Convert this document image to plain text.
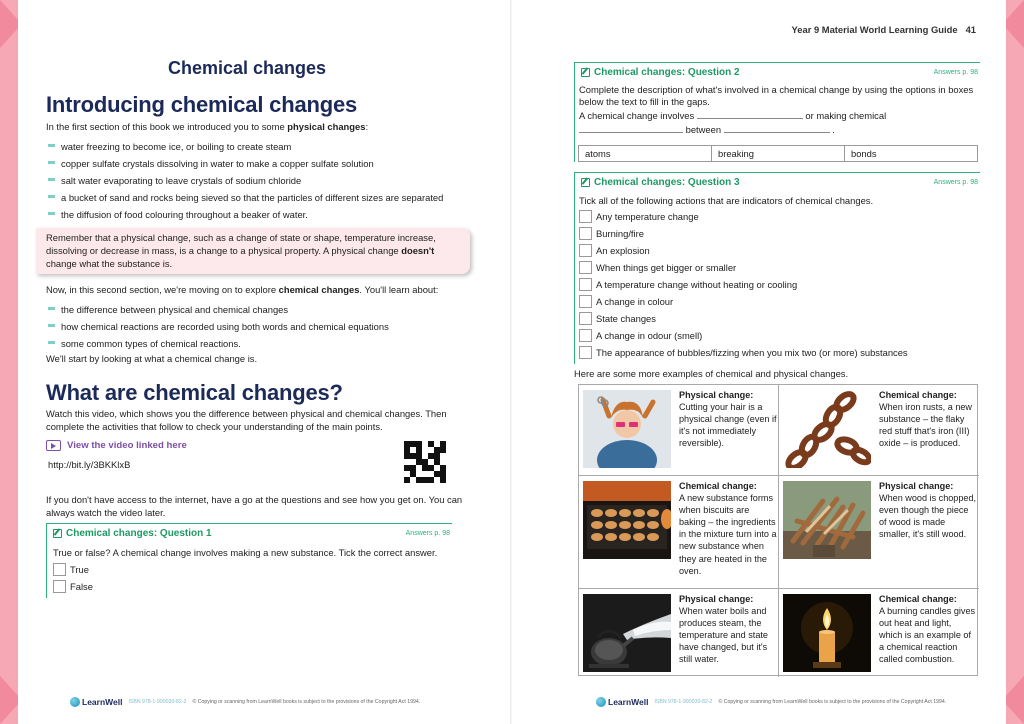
Chemical changes
Introducing chemical changes
In the first section of this book we introduced you to some physical changes:
water freezing to become ice, or boiling to create steam
copper sulfate crystals dissolving in water to make a copper sulfate solution
salt water evaporating to leave crystals of sodium chloride
a bucket of sand and rocks being sieved so that the particles of different sizes are separated
the diffusion of food colouring throughout a beaker of water.
Remember that a physical change, such as a change of state or shape, temperature increase, dissolving or decrease in mass, is a change to a physical property. A physical change doesn't change what the substance is.
Now, in this second section, we're moving on to explore chemical changes. You'll learn about:
the difference between physical and chemical changes
how chemical reactions are recorded using both words and chemical equations
some common types of chemical reactions.
We'll start by looking at what a chemical change is.
What are chemical changes?
Watch this video, which shows you the difference between physical and chemical changes. Then complete the activities that follow to check your understanding of the main points.
View the video linked here
http://bit.ly/3BKKlxB
If you don't have access to the internet, have a go at the questions and see how you get on. You can always watch the video later.
Chemical changes: Question 1	Answers p. 98
True or false? A chemical change involves making a new substance. Tick the correct answer.
True
False
LearnWell ISBN 978-1-990030-82-2 © Copying or scanning from LearnWell books is subject to the provisions of the Copyright Act 1994.
Year 9 Material World Learning Guide 41
Chemical changes: Question 2	Answers p. 98
Complete the description of what's involved in a chemical change by using the options in boxes below the text to fill in the gaps.
A chemical change involves	or making chemical
between	.
atoms	breaking	bonds
Chemical changes: Question 3	Answers p. 98
Tick all of the following actions that are indicators of chemical changes.
Any temperature change
Burning/fire
An explosion
When things get bigger or smaller
A temperature change without heating or cooling
A change in colour
State changes
A change in odour (smell)
The appearance of bubbles/fizzing when you mix two (or more) substances
Here are some more examples of chemical and physical changes.
Physical change:
Cutting your hair is a physical change (even if it's not immediately reversible).
Chemical change:
When iron rusts, a new substance – the flaky red stuff that's iron (III) oxide – is produced.
Chemical change:
A new substance forms when biscuits are baking – the ingredients in the mixture turn into a new substance when they are heated in the oven.
Physical change:
When wood is chopped, even though the piece of wood is made smaller, it's still wood.
Physical change:
When water boils and produces steam, the temperature and state have changed, but it's still water.
Chemical change:
A burning candles gives out heat and light, which is an example of a chemical reaction called combustion.
LearnWell ISBN 978-1-990030-82-2 © Copying or scanning from LearnWell books is subject to the provisions of the Copyright Act 1994.
